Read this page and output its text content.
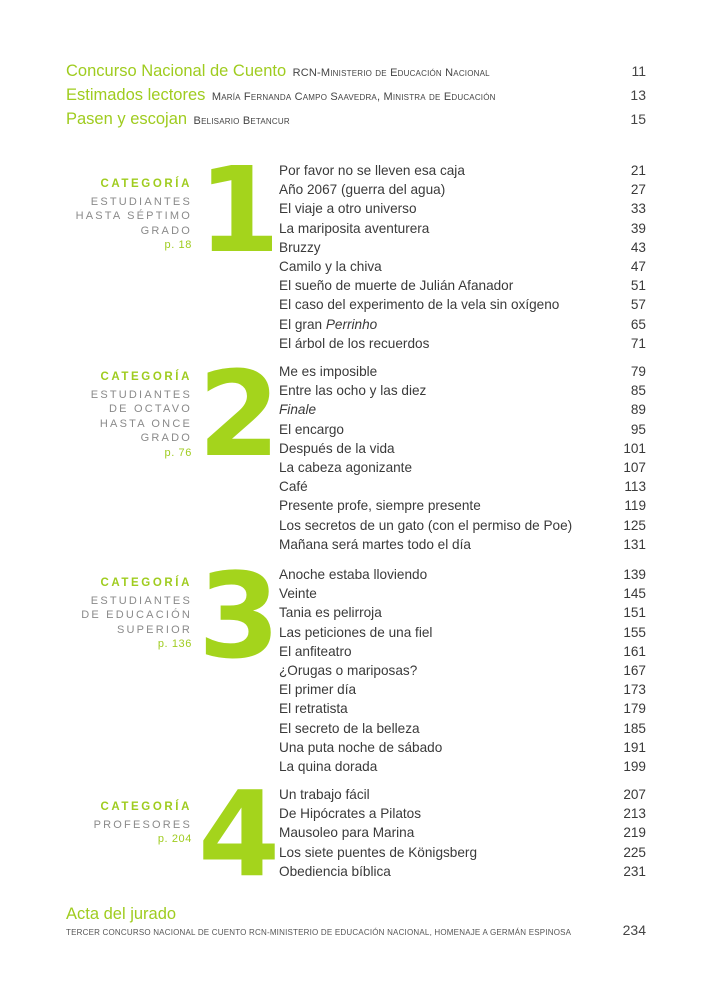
Concurso Nacional de Cuento RCN-Ministerio de Educación Nacional	11
Estimados lectores María Fernanda Campo Saavedra, Ministra de Educación	13
Pasen y escojan Belisario Betancur	15
CATEGORÍA
ESTUDIANTES
HASTA SÉPTIMO
GRADO
p. 18 1
Por favor no se lleven esa caja	21
Año 2067 (guerra del agua)	27
El viaje a otro universo	33
La mariposita aventurera	39
Bruzzy	43
Camilo y la chiva	47
El sueño de muerte de Julián Afanador	51
El caso del experimento de la vela sin oxígeno	57
El gran Perrinho	65
El árbol de los recuerdos	71
CATEGORÍA
ESTUDIANTES
DE OCTAVO
HASTA ONCE
GRADO
p. 76 2
Me es imposible	79
Entre las ocho y las diez	85
Finale	89
El encargo	95
Después de la vida	101
La cabeza agonizante	107
Café	113
Presente profe, siempre presente	119
Los secretos de un gato (con el permiso de Poe)	125
Mañana será martes todo el día	131
CATEGORÍA
ESTUDIANTES
DE EDUCACIÓN
SUPERIOR
p. 136 3
Anoche estaba lloviendo	139
Veinte	145
Tania es pelirroja	151
Las peticiones de una fiel	155
El anfiteatro	161
¿Orugas o mariposas?	167
El primer día	173
El retratista	179
El secreto de la belleza	185
Una puta noche de sábado	191
La quina dorada	199
CATEGORÍA
PROFESORES
p. 204 4
Un trabajo fácil	207
De Hipócrates a Pilatos	213
Mausoleo para Marina	219
Los siete puentes de Königsberg	225
Obediencia bíblica	231
Acta del jurado
TERCER CONCURSO NACIONAL DE CUENTO RCN-MINISTERIO DE EDUCACIÓN NACIONAL, HOMENAJE A GERMÁN ESPINOSA	234
